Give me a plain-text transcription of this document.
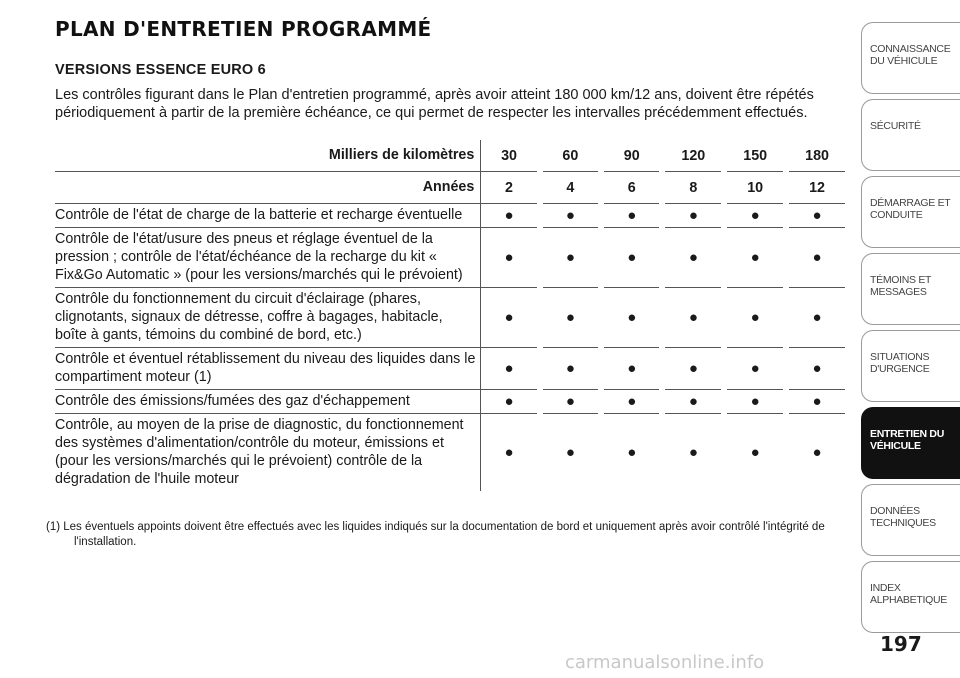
PLAN D'ENTRETIEN PROGRAMMÉ
VERSIONS ESSENCE EURO 6
Les contrôles figurant dans le Plan d'entretien programmé, après avoir atteint 180 000 km/12 ans, doivent être répétés périodiquement à partir de la première échéance, ce qui permet de respecter les intervalles précédemment effectués.
Milliers de kilomètres	30	60	90	120	150	180
Années	2	4	6	8	10	12
Contrôle de l'état de charge de la batterie et recharge éventuelle	●	●	●	●	●	●
Contrôle de l'état/usure des pneus et réglage éventuel de la pression ; contrôle de l'état/échéance de la recharge du kit « Fix&Go Automatic » (pour les versions/marchés qui le prévoient)	●	●	●	●	●	●
Contrôle du fonctionnement du circuit d'éclairage (phares, clignotants, signaux de détresse, coffre à bagages, habitacle, boîte à gants, témoins du combiné de bord, etc.)	●	●	●	●	●	●
Contrôle et éventuel rétablissement du niveau des liquides dans le compartiment moteur (1)	●	●	●	●	●	●
Contrôle des émissions/fumées des gaz d'échappement	●	●	●	●	●	●
Contrôle, au moyen de la prise de diagnostic, du fonctionnement des systèmes d'alimentation/contrôle du moteur, émissions et (pour les versions/marchés qui le prévoient) contrôle de la dégradation de l'huile moteur	●	●	●	●	●	●
(1) Les éventuels appoints doivent être effectués avec les liquides indiqués sur la documentation de bord et uniquement après avoir contrôlé l'intégrité de l'installation.
CONNAISSANCE
DU VÉHICULE
SÉCURITÉ
DÉMARRAGE ET
CONDUITE
TÉMOINS ET
MESSAGES
SITUATIONS
D'URGENCE
ENTRETIEN DU
VÉHICULE
DONNÉES
TECHNIQUES
INDEX
ALPHABETIQUE
197
carmanualsonline.info
